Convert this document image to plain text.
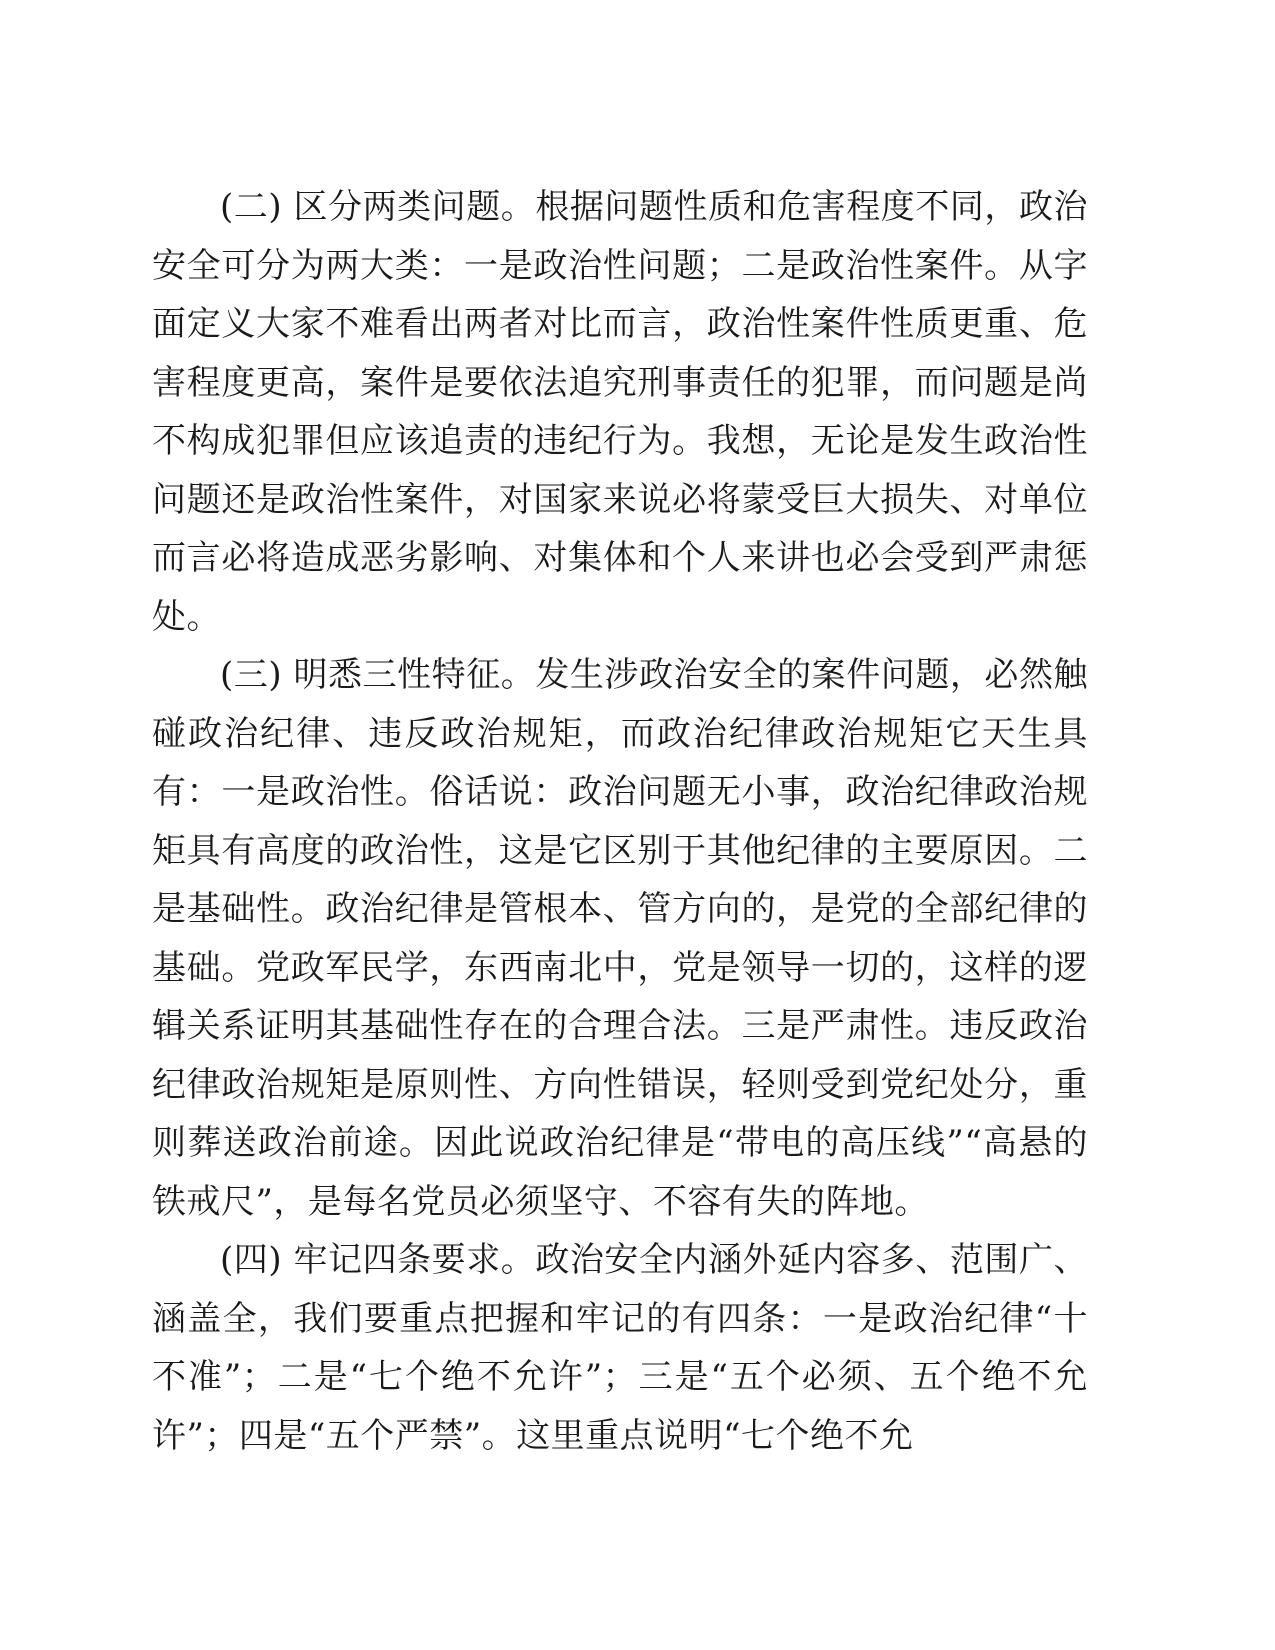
(二) 区分两类问题。根据问题性质和危害程度不同，政治安全可分为两大类：一是政治性问题；二是政治性案件。从字面定义大家不难看出两者对比而言，政治性案件性质更重、危害程度更高，案件是要依法追究刑事责任的犯罪，而问题是尚不构成犯罪但应该追责的违纪行为。我想，无论是发生政治性问题还是政治性案件，对国家来说必将蒙受巨大损失、对单位而言必将造成恶劣影响、对集体和个人来讲也必会受到严肃惩处。

(三) 明悉三性特征。发生涉政治安全的案件问题，必然触碰政治纪律、违反政治规矩，而政治纪律政治规矩它天生具有：一是政治性。俗话说：政治问题无小事，政治纪律政治规矩具有高度的政治性，这是它区别于其他纪律的主要原因。二是基础性。政治纪律是管根本、管方向的，是党的全部纪律的基础。党政军民学，东西南北中，党是领导一切的，这样的逻辑关系证明其基础性存在的合理合法。三是严肃性。违反政治纪律政治规矩是原则性、方向性错误，轻则受到党纪处分，重则葬送政治前途。因此说政治纪律是“带电的高压线”“高悬的铁戒尺”，是每名党员必须坚守、不容有失的阵地。

(四) 牢记四条要求。政治安全内涵外延内容多、范围广、涵盖全，我们要重点把握和牢记的有四条：一是政治纪律“十不准”；二是“七个绝不允许”；三是“五个必须、五个绝不允许”；四是“五个严禁”。这里重点说明“七个绝不允
